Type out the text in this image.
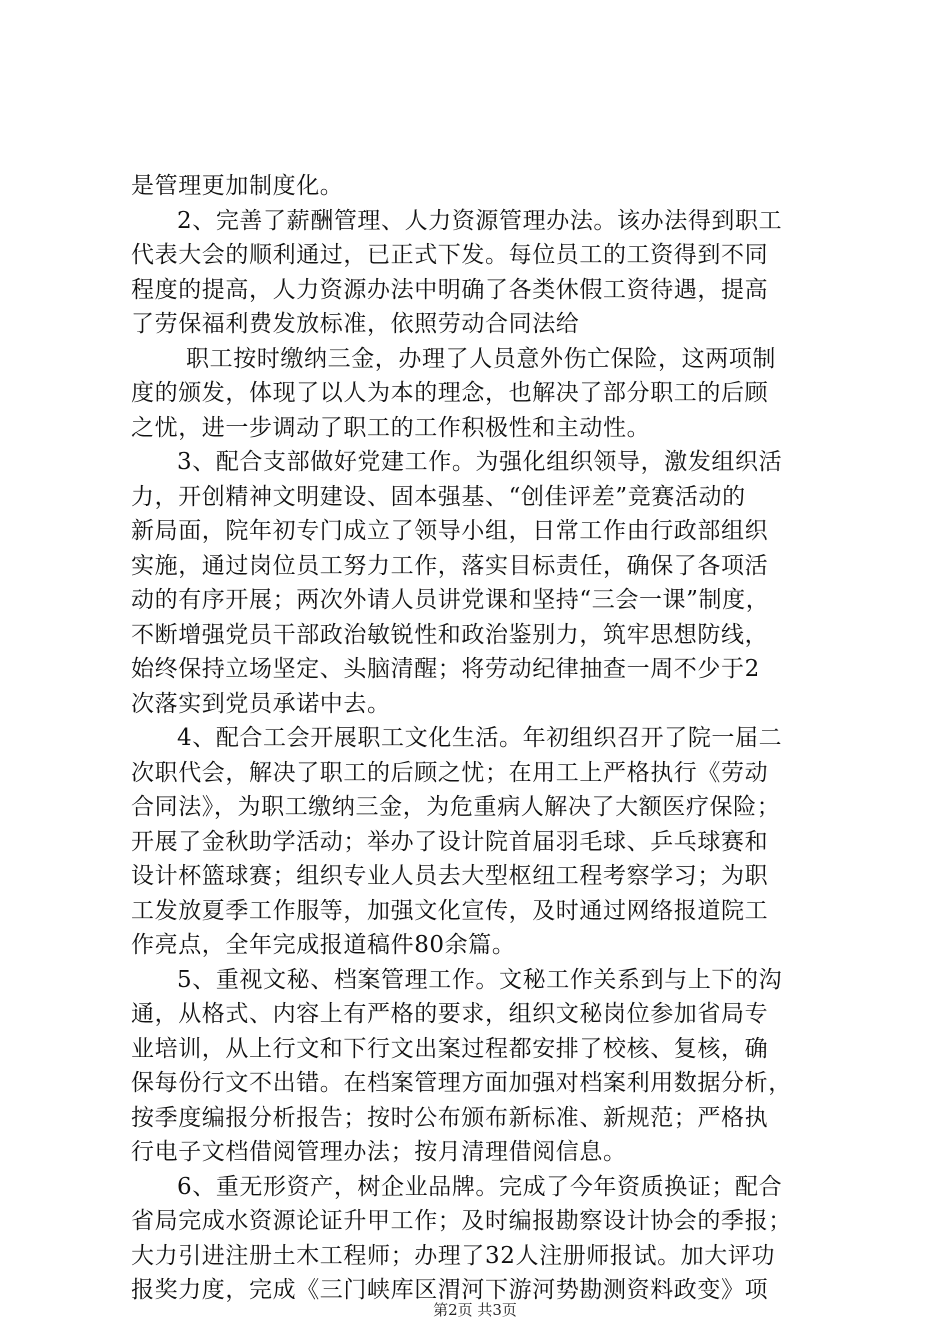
是管理更加制度化。
2、完善了薪酬管理、人力资源管理办法。该办法得到职工
代表大会的顺利通过，已正式下发。每位员工的工资得到不同
程度的提高，人力资源办法中明确了各类休假工资待遇，提高
了劳保福利费发放标准，依照劳动合同法给
职工按时缴纳三金，办理了人员意外伤亡保险，这两项制
度的颁发，体现了以人为本的理念，也解决了部分职工的后顾
之忧，进一步调动了职工的工作积极性和主动性。
3、配合支部做好党建工作。为强化组织领导，激发组织活
力，开创精神文明建设、固本强基、“创佳评差”竞赛活动的
新局面，院年初专门成立了领导小组，日常工作由行政部组织
实施，通过岗位员工努力工作，落实目标责任，确保了各项活
动的有序开展；两次外请人员讲党课和坚持“三会一课”制度，
不断增强党员干部政治敏锐性和政治鉴别力，筑牢思想防线，
始终保持立场坚定、头脑清醒；将劳动纪律抽查一周不少于2
次落实到党员承诺中去。
4、配合工会开展职工文化生活。年初组织召开了院一届二
次职代会，解决了职工的后顾之忧；在用工上严格执行《劳动
合同法》，为职工缴纳三金，为危重病人解决了大额医疗保险；
开展了金秋助学活动；举办了设计院首届羽毛球、乒乓球赛和
设计杯篮球赛；组织专业人员去大型枢纽工程考察学习；为职
工发放夏季工作服等，加强文化宣传，及时通过网络报道院工
作亮点，全年完成报道稿件80余篇。
5、重视文秘、档案管理工作。文秘工作关系到与上下的沟
通，从格式、内容上有严格的要求，组织文秘岗位参加省局专
业培训，从上行文和下行文出案过程都安排了校核、复核，确
保每份行文不出错。在档案管理方面加强对档案利用数据分析，
按季度编报分析报告；按时公布颁布新标准、新规范；严格执
行电子文档借阅管理办法；按月清理借阅信息。
6、重无形资产，树企业品牌。完成了今年资质换证；配合
省局完成水资源论证升甲工作；及时编报勘察设计协会的季报；
大力引进注册土木工程师；办理了32人注册师报试。加大评功
报奖力度，完成《三门峡库区渭河下游河势勘测资料政变》项
第2页 共3页
